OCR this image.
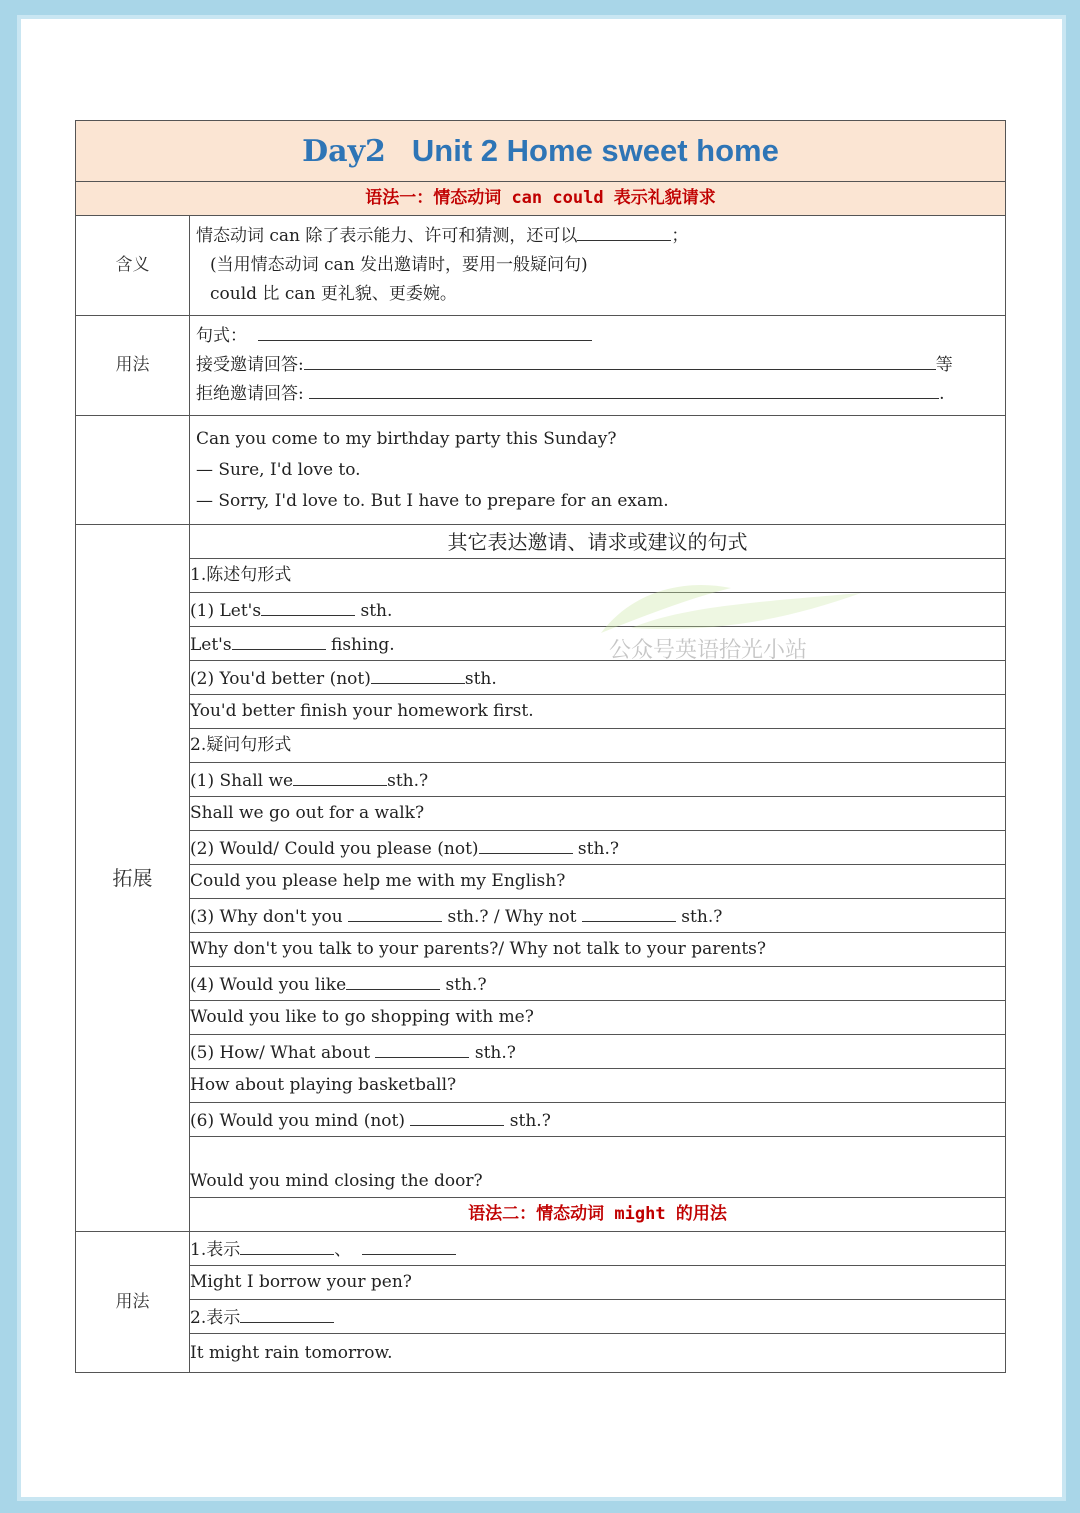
Day2 Unit 2 Home sweet home	
语法一：情态动词 can could 表示礼貌请求	
含义	情态动词 can 除了表示能力、许可和猜测，还可以 ；
(当用情态动词 can 发出邀请时，要用一般疑问句)
could 比 can 更礼貌、更委婉。

用法	句式：
接受邀请回答: 等
拒绝邀请回答: .

	Can you come to my birthday party this Sunday?
— Sure, I'd love to.
— Sorry, I'd love to. But I have to prepare for an exam.

拓展	其它表达邀请、请求或建议的句式
	1.陈述句形式
	(1) Let's sth.
	Let's fishing.
	(2) You'd better (not) sth.
	You'd better finish your homework first.
	2.疑问句形式
	(1) Shall we sth.?
	Shall we go out for a walk?
	(2) Would/ Could you please (not) sth.?
	Could you please help me with my English?
	(3) Why don't you sth.? / Why not sth.?
	Why don't you talk to your parents?/ Why not talk to your parents?
	(4) Would you like sth.?
	Would you like to go shopping with me?
	(5) How/ What about sth.?
	How about playing basketball?
	(6) Would you mind (not) sth.?
	Would you mind closing the door?
	语法二：情态动词 might 的用法
用法	1.表示 、
	Might I borrow your pen?
	2.表示
	It might rain tomorrow.
公众号英语拾光小站
